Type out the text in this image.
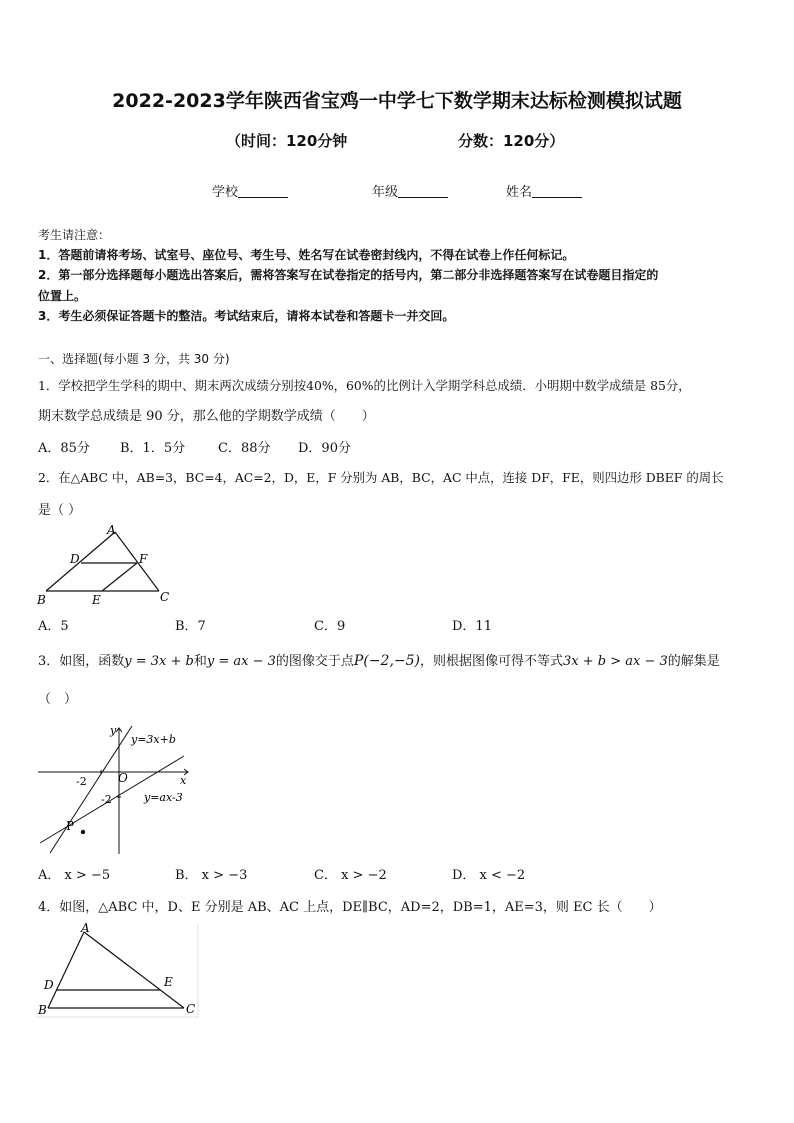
2022-2023学年陕西省宝鸡一中学七下数学期末达标检测模拟试题
（时间：120分钟	分数：120分）
学校	年级	姓名
考生请注意：
1．答题前请将考场、试室号、座位号、考生号、姓名写在试卷密封线内，不得在试卷上作任何标记。
2．第一部分选择题每小题选出答案后，需将答案写在试卷指定的括号内，第二部分非选择题答案写在试卷题目指定的
位置上。
3．考生必须保证答题卡的整洁。考试结束后，请将本试卷和答题卡一并交回。
一、选择题(每小题 3 分，共 30 分)
1．学校把学生学科的期中、期末两次成绩分别按40%，60%的比例计入学期学科总成绩．小明期中数学成绩是 85分，
期末数学总成绩是 90 分，那么他的学期数学成绩（　　）
A．85分 B．1．5分	C．88分 D．90分
2．在△ABC 中，AB=3，BC=4，AC=2，D，E，F 分别为 AB，BC，AC 中点，连接 DF，FE，则四边形 DBEF 的周长
是（ ）
A
D	F
B	E	C
A．5	B．7	C．9	D．11
3．如图，函数y = 3x + b和y = ax − 3的图像交于点P(−2,−5)，则根据图像可得不等式3x + b > ax − 3的解集是
（　）
y
y=3x+b
-2	O	x
-2	y=ax-3
P
A． x > −5	B． x > −3	C． x > −2	D． x < −2
4．如图，△ABC 中，D、E 分别是 AB、AC 上点，DE∥BC，AD=2，DB=1，AE=3，则 EC 长（　　）
A
D	E
B	C
